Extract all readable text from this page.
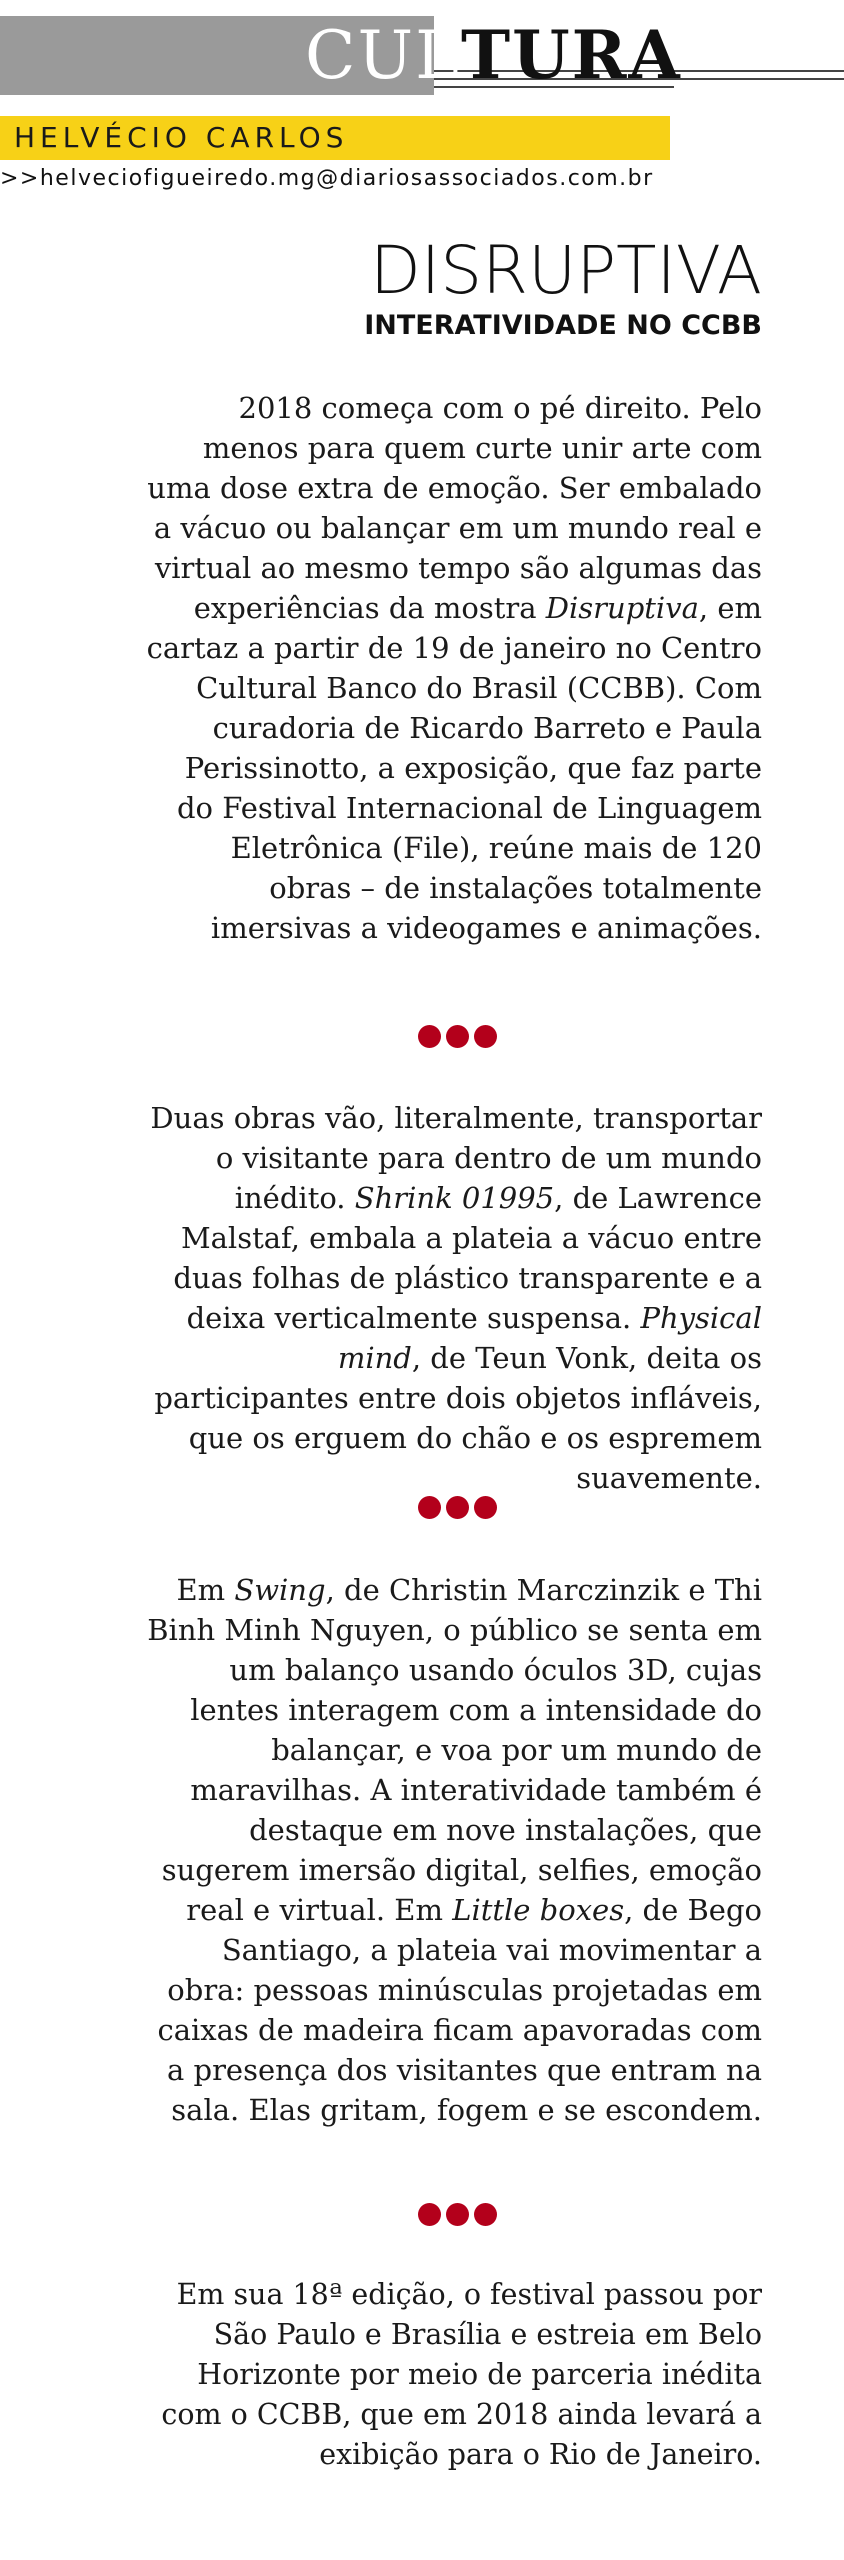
CULTURA
HELVÉCIO CARLOS
>>helveciofigueiredo.mg@diariosassociados.com.br
DISRUPTIVA
INTERATIVIDADE NO CCBB

2018 começa com o pé direito. Pelo menos para quem curte unir arte com uma dose extra de emoção. Ser embalado a vácuo ou balançar em um mundo real e virtual ao mesmo tempo são algumas das experiências da mostra Disruptiva, em cartaz a partir de 19 de janeiro no Centro Cultural Banco do Brasil (CCBB). Com curadoria de Ricardo Barreto e Paula Perissinotto, a exposição, que faz parte do Festival Internacional de Linguagem Eletrônica (File), reúne mais de 120 obras – de instalações totalmente imersivas a videogames e animações.

Duas obras vão, literalmente, transportar o visitante para dentro de um mundo inédito. Shrink 01995, de Lawrence Malstaf, embala a plateia a vácuo entre duas folhas de plástico transparente e a deixa verticalmente suspensa. Physical mind, de Teun Vonk, deita os participantes entre dois objetos infláveis, que os erguem do chão e os espremem suavemente.

Em Swing, de Christin Marczinzik e Thi Binh Minh Nguyen, o público se senta em um balanço usando óculos 3D, cujas lentes interagem com a intensidade do balançar, e voa por um mundo de maravilhas. A interatividade também é destaque em nove instalações, que sugerem imersão digital, selfies, emoção real e virtual. Em Little boxes, de Bego Santiago, a plateia vai movimentar a obra: pessoas minúsculas projetadas em caixas de madeira ficam apavoradas com a presença dos visitantes que entram na sala. Elas gritam, fogem e se escondem.

Em sua 18ª edição, o festival passou por São Paulo e Brasília e estreia em Belo Horizonte por meio de parceria inédita com o CCBB, que em 2018 ainda levará a exibição para o Rio de Janeiro.
